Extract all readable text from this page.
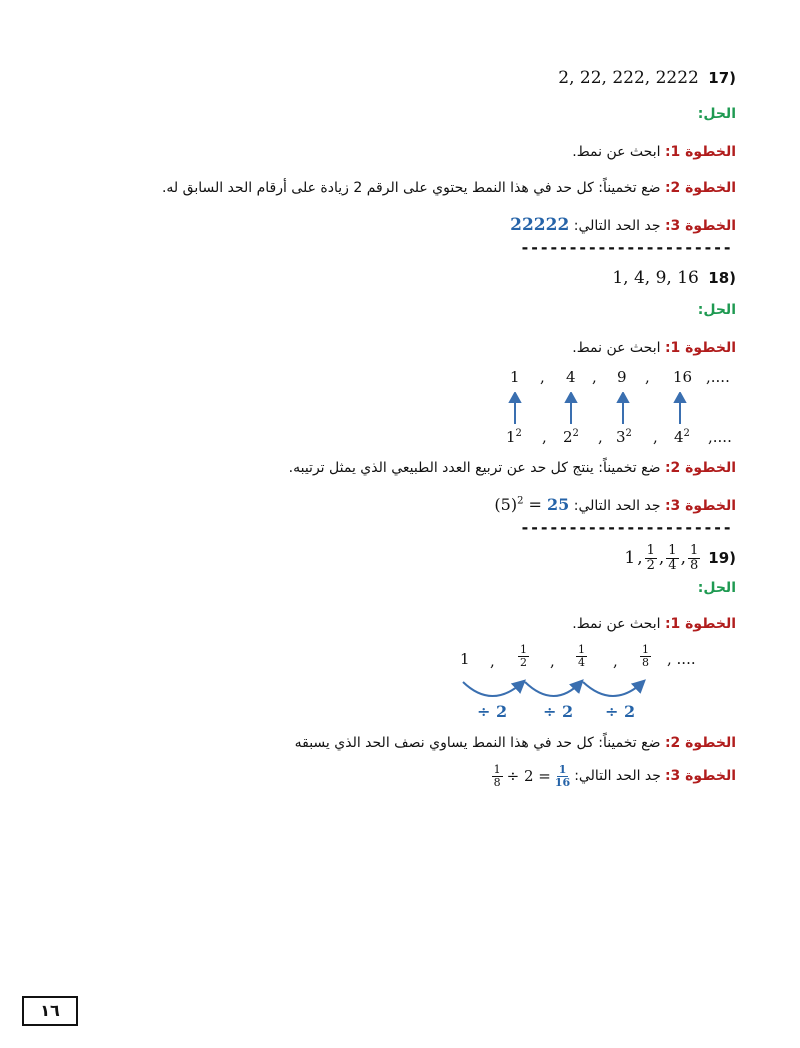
2, 22, 222, 2222 17)
الحل:
الخطوة 1: ابحث عن نمط.
الخطوة 2: ضع تخميناً: كل حد في هذا النمط يحتوي على الرقم 2 زيادة على أرقام الحد السابق له.
الخطوة 3: جد الحد التالي: 22222
----------------------
1, 4, 9, 16 18)
الحل:
الخطوة 1: ابحث عن نمط.
1 , 4 , 9 , 16 ,....
$1^2$ , $2^2$ , $3^2$ , $4^2$ ,....
الخطوة 2: ضع تخميناً: ينتج كل حد عن تربيع العدد الطبيعي الذي يمثل ترتيبه.
الخطوة 3: جد الحد التالي: $(5)^2 = 25$
----------------------
1 , $\frac{1}{2}$ , $\frac{1}{4}$ , $\frac{1}{8} 19$)
الحل:
الخطوة 1: ابحث عن نمط.
1 , $\frac{1}{2}$ , $\frac{1}{4}$ , $\frac{1}{8}$ , ....
÷ 2 ÷ 2 ÷ 2
الخطوة 2: ضع تخميناً: كل حد في هذا النمط يساوي نصف الحد الذي يسبقه
الخطوة 3:
جد الحد التالي:
$\frac{1}{8} \div 2 = \frac{1}{16}$
١٦
